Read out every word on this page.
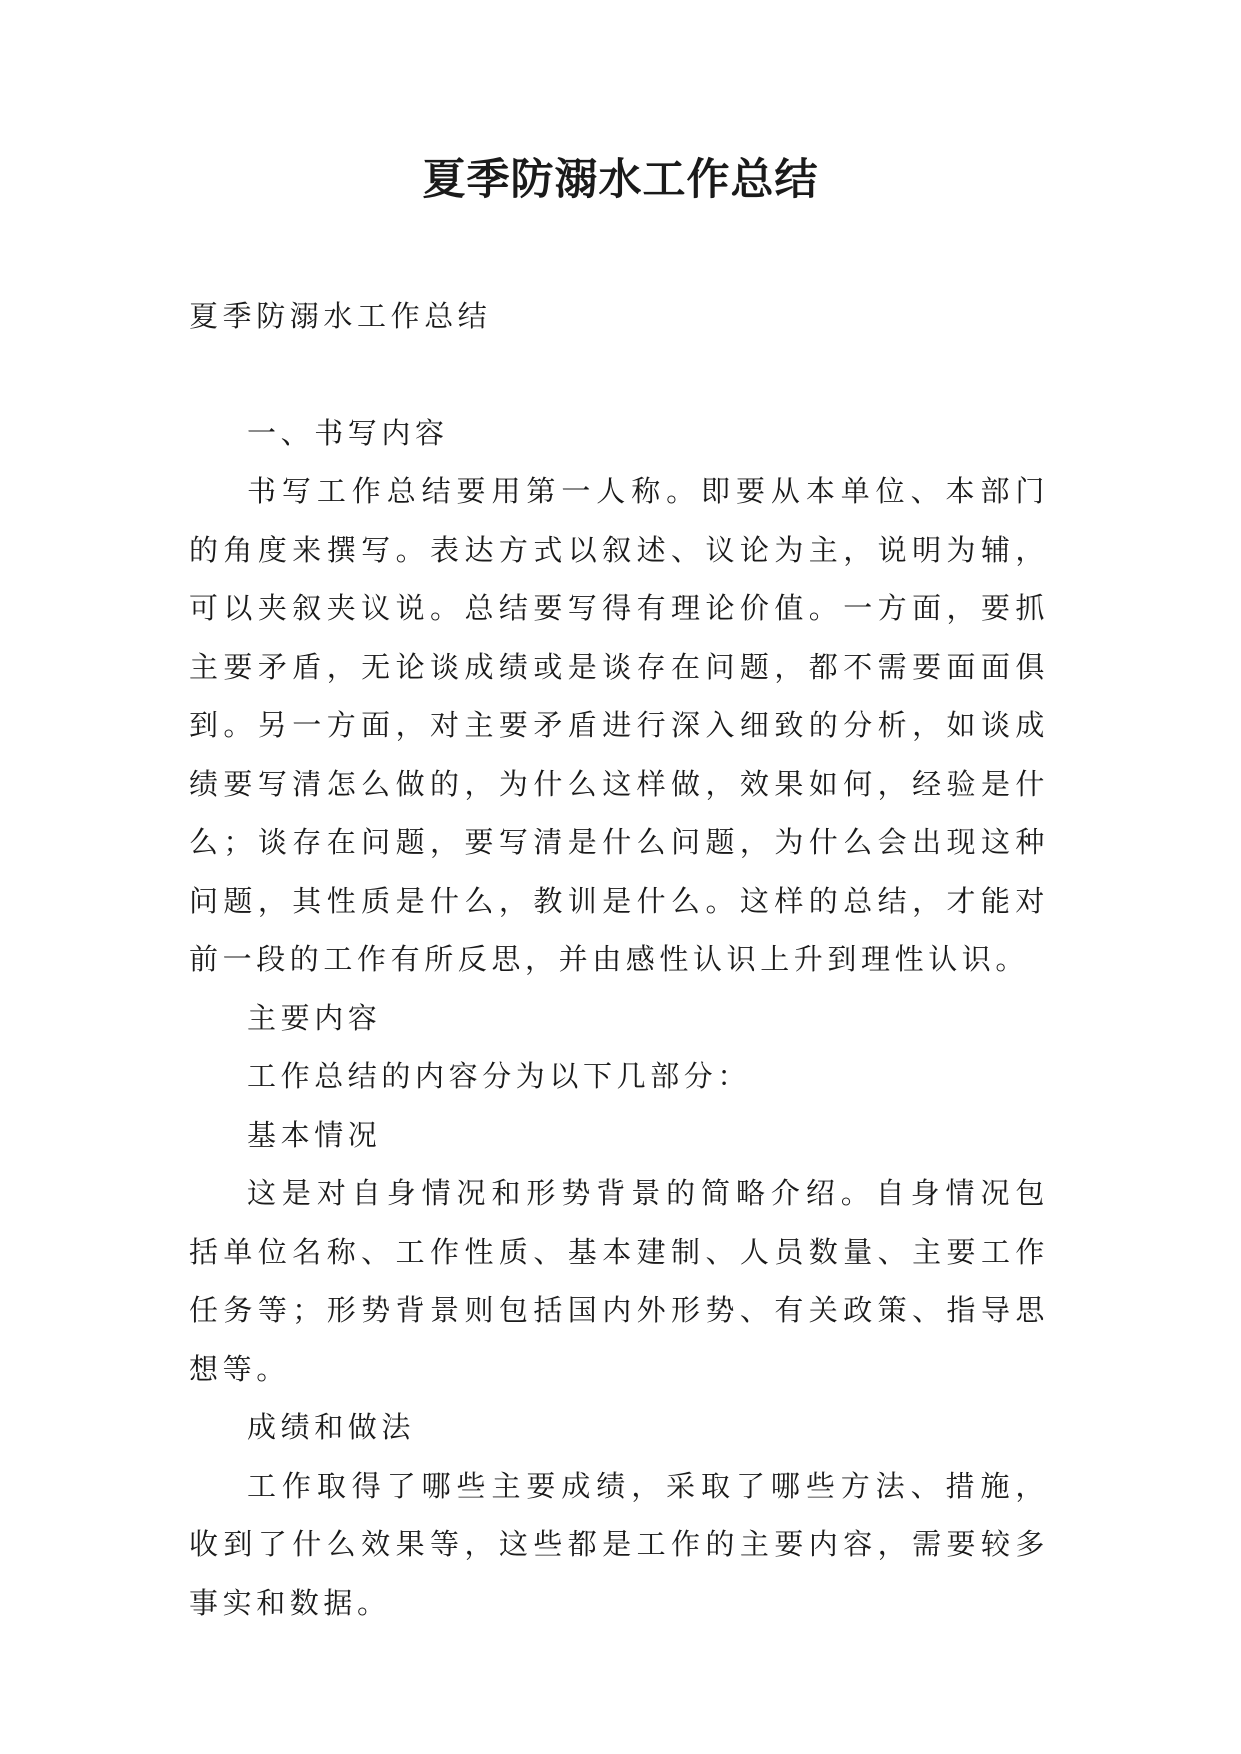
夏季防溺水工作总结

夏季防溺水工作总结

一、书写内容

书写工作总结要用第一人称。即要从本单位、本部门的角度来撰写。表达方式以叙述、议论为主，说明为辅，可以夹叙夹议说。总结要写得有理论价值。一方面，要抓主要矛盾，无论谈成绩或是谈存在问题，都不需要面面俱到。另一方面，对主要矛盾进行深入细致的分析，如谈成绩要写清怎么做的，为什么这样做，效果如何，经验是什么；谈存在问题，要写清是什么问题，为什么会出现这种问题，其性质是什么，教训是什么。这样的总结，才能对前一段的工作有所反思，并由感性认识上升到理性认识。

主要内容

工作总结的内容分为以下几部分：

基本情况

这是对自身情况和形势背景的简略介绍。自身情况包括单位名称、工作性质、基本建制、人员数量、主要工作任务等；形势背景则包括国内外形势、有关政策、指导思想等。

成绩和做法

工作取得了哪些主要成绩，采取了哪些方法、措施，收到了什么效果等，这些都是工作的主要内容，需要较多事实和数据。
